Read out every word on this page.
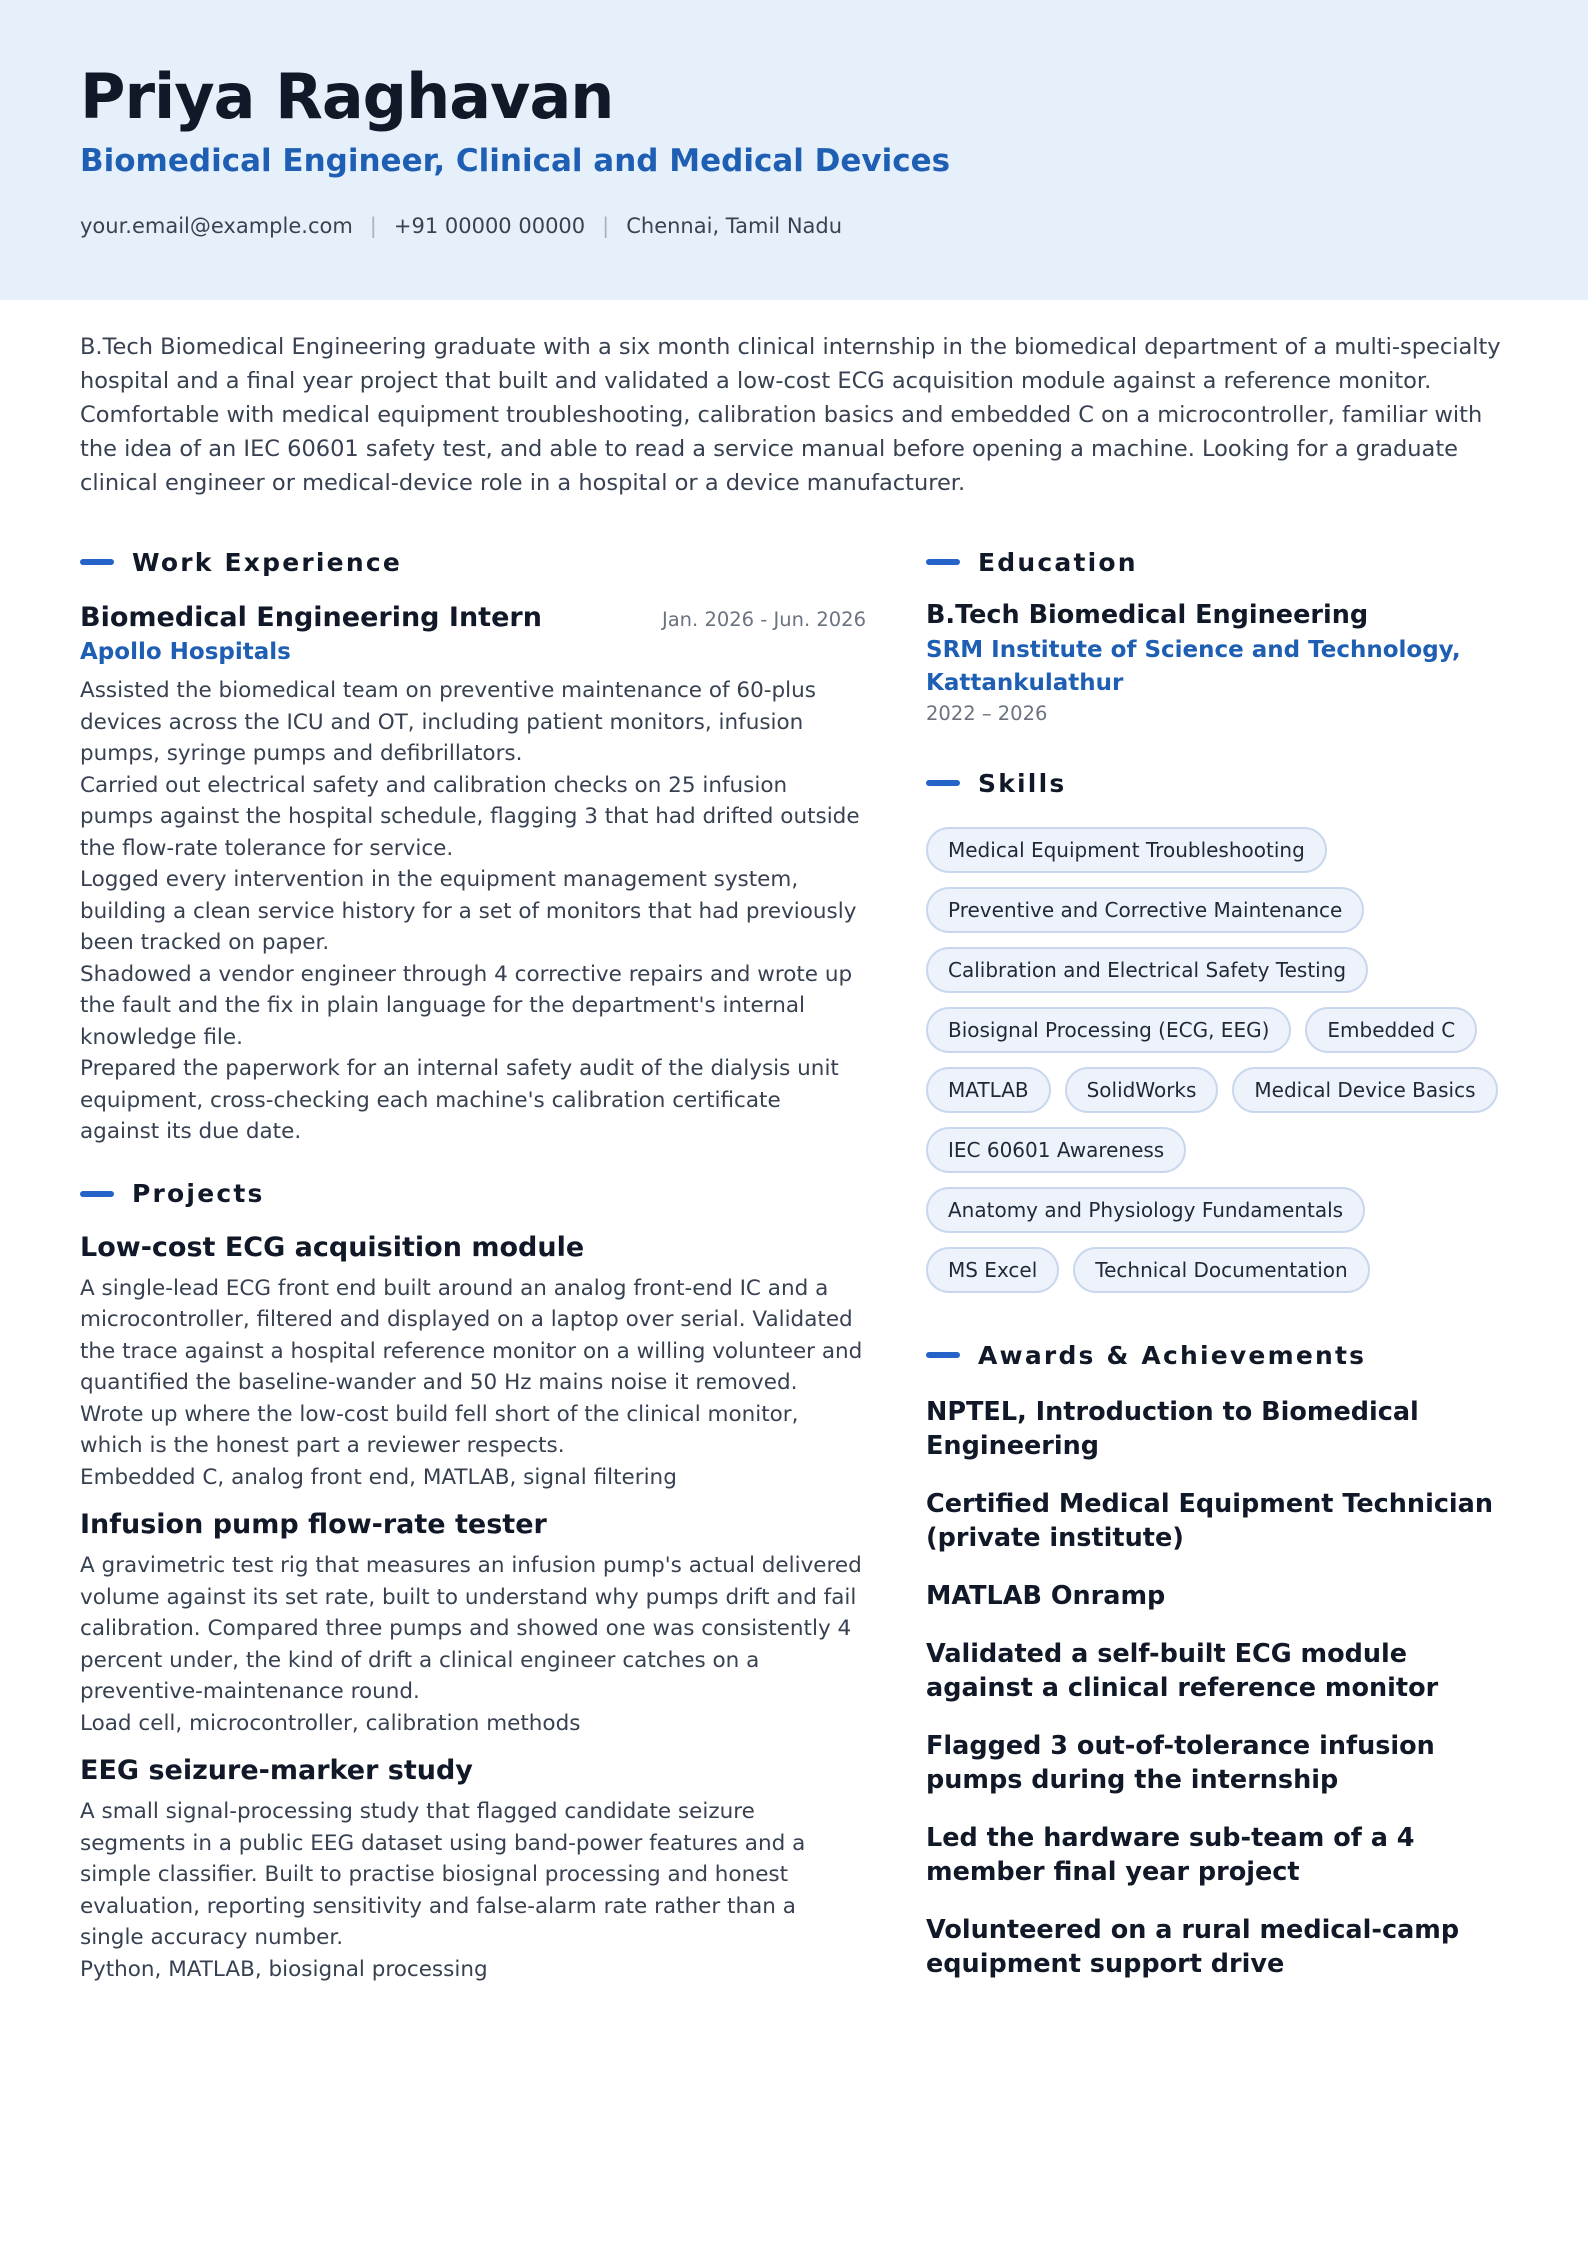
Priya Raghavan
Biomedical Engineer, Clinical and Medical Devices
your.email@example.com | +91 00000 00000 | Chennai, Tamil Nadu

B.Tech Biomedical Engineering graduate with a six month clinical internship in the biomedical department of a multi-specialty hospital and a final year project that built and validated a low-cost ECG acquisition module against a reference monitor. Comfortable with medical equipment troubleshooting, calibration basics and embedded C on a microcontroller, familiar with the idea of an IEC 60601 safety test, and able to read a service manual before opening a machine. Looking for a graduate clinical engineer or medical-device role in a hospital or a device manufacturer.

Work Experience
Biomedical Engineering Intern	Jan. 2026 - Jun. 2026
Apollo Hospitals
Assisted the biomedical team on preventive maintenance of 60-plus devices across the ICU and OT, including patient monitors, infusion pumps, syringe pumps and defibrillators.
Carried out electrical safety and calibration checks on 25 infusion pumps against the hospital schedule, flagging 3 that had drifted outside the flow-rate tolerance for service.
Logged every intervention in the equipment management system, building a clean service history for a set of monitors that had previously been tracked on paper.
Shadowed a vendor engineer through 4 corrective repairs and wrote up the fault and the fix in plain language for the department's internal knowledge file.
Prepared the paperwork for an internal safety audit of the dialysis unit equipment, cross-checking each machine's calibration certificate against its due date.
Projects
Low-cost ECG acquisition module
A single-lead ECG front end built around an analog front-end IC and a microcontroller, filtered and displayed on a laptop over serial. Validated the trace against a hospital reference monitor on a willing volunteer and quantified the baseline-wander and 50 Hz mains noise it removed. Wrote up where the low-cost build fell short of the clinical monitor, which is the honest part a reviewer respects.
Embedded C, analog front end, MATLAB, signal filtering
Infusion pump flow-rate tester
A gravimetric test rig that measures an infusion pump's actual delivered volume against its set rate, built to understand why pumps drift and fail calibration. Compared three pumps and showed one was consistently 4 percent under, the kind of drift a clinical engineer catches on a preventive-maintenance round.
Load cell, microcontroller, calibration methods
EEG seizure-marker study
A small signal-processing study that flagged candidate seizure segments in a public EEG dataset using band-power features and a simple classifier. Built to practise biosignal processing and honest evaluation, reporting sensitivity and false-alarm rate rather than a single accuracy number.
Python, MATLAB, biosignal processing
Education
B.Tech Biomedical Engineering
SRM Institute of Science and Technology, Kattankulathur
2022 – 2026
Skills
Medical Equipment Troubleshooting
Preventive and Corrective Maintenance
Calibration and Electrical Safety Testing
Biosignal Processing (ECG, EEG)	Embedded C
MATLAB	SolidWorks	Medical Device Basics
IEC 60601 Awareness
Anatomy and Physiology Fundamentals
MS Excel	Technical Documentation
Awards & Achievements
NPTEL, Introduction to Biomedical Engineering
Certified Medical Equipment Technician (private institute)
MATLAB Onramp
Validated a self-built ECG module against a clinical reference monitor
Flagged 3 out-of-tolerance infusion pumps during the internship
Led the hardware sub-team of a 4 member final year project
Volunteered on a rural medical-camp equipment support drive
